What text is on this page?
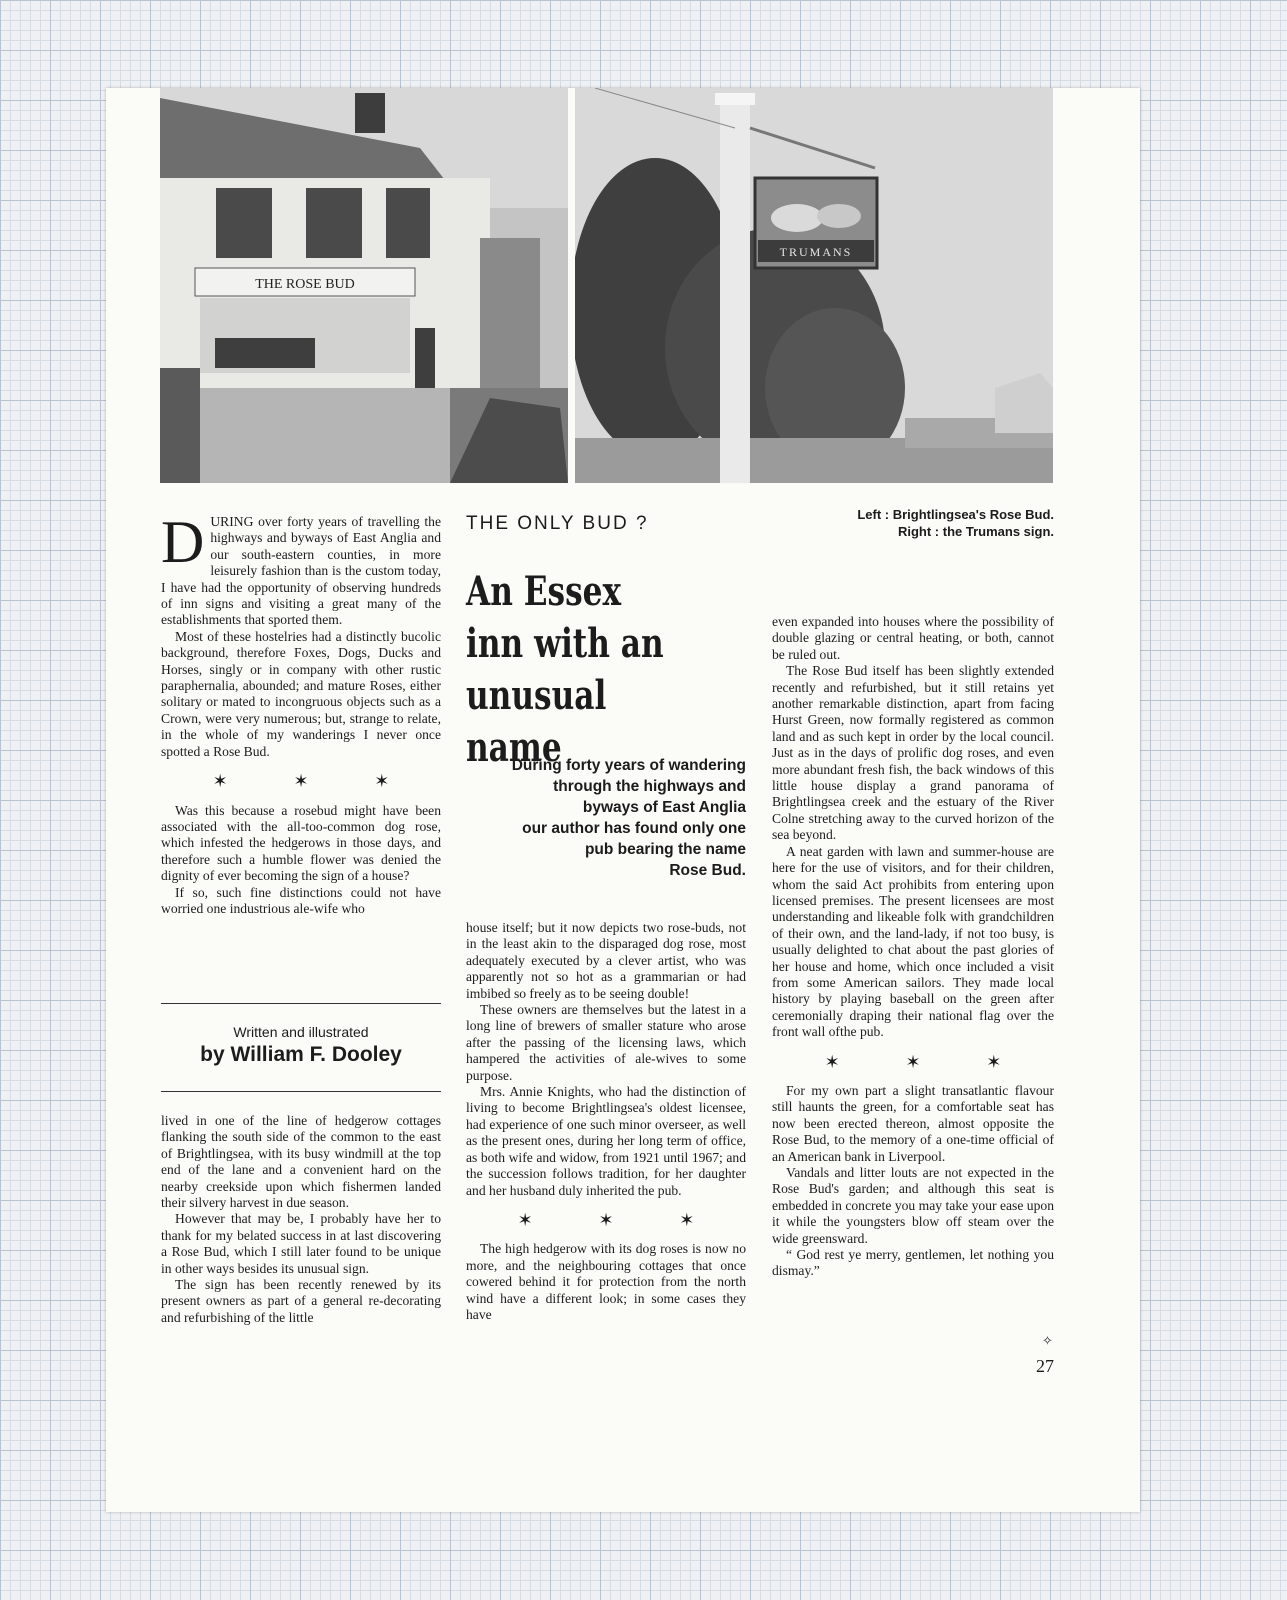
THE ROSE BUD
TRUMANS
Left : Brightlingsea's Rose Bud.
Right : the Trumans sign.

DURING over forty years of travelling the highways and byways of East Anglia and our south-eastern counties, in more leisurely fashion than is the custom today, I have had the opportunity of observing hundreds of inn signs and visiting a great many of the establishments that sported them.

Most of these hostelries had a distinctly bucolic background, therefore Foxes, Dogs, Ducks and Horses, singly or in company with other rustic paraphernalia, abounded; and mature Roses, either solitary or mated to incongruous objects such as a Crown, were very numerous; but, strange to relate, in the whole of my wanderings I never once spotted a Rose Bud.

✶ ✶ ✶

Was this because a rosebud might have been associated with the all-too-common dog rose, which infested the hedgerows in those days, and therefore such a humble flower was denied the dignity of ever becoming the sign of a house?

If so, such fine distinctions could not have worried one industrious ale-wife who

Written and illustrated
by William F. Dooley

lived in one of the line of hedgerow cottages flanking the south side of the common to the east of Brightlingsea, with its busy windmill at the top end of the lane and a convenient hard on the nearby creekside upon which fishermen landed their silvery harvest in due season.

However that may be, I probably have her to thank for my belated success in at last discovering a Rose Bud, which I still later found to be unique in other ways besides its unusual sign.

The sign has been recently renewed by its present owners as part of a general re-decorating and refurbishing of the little

THE ONLY BUD ?
An Essex
inn with an
unusual name
During forty years of wandering
through the highways and
byways of East Anglia
our author has found only one
pub bearing the name
Rose Bud.

house itself; but it now depicts two rose-buds, not in the least akin to the disparaged dog rose, most adequately executed by a clever artist, who was apparently not so hot as a grammarian or had imbibed so freely as to be seeing double!

These owners are themselves but the latest in a long line of brewers of smaller stature who arose after the passing of the licensing laws, which hampered the activities of ale-wives to some purpose.

Mrs. Annie Knights, who had the distinction of living to become Brightlingsea's oldest licensee, had experience of one such minor overseer, as well as the present ones, during her long term of office, as both wife and widow, from 1921 until 1967; and the succession follows tradition, for her daughter and her husband duly inherited the pub.

✶ ✶ ✶

The high hedgerow with its dog roses is now no more, and the neighbouring cottages that once cowered behind it for protection from the north wind have a different look; in some cases they have

even expanded into houses where the possibility of double glazing or central heating, or both, cannot be ruled out.

The Rose Bud itself has been slightly extended recently and refurbished, but it still retains yet another remarkable distinction, apart from facing Hurst Green, now formally registered as common land and as such kept in order by the local council. Just as in the days of prolific dog roses, and even more abundant fresh fish, the back windows of this little house display a grand panorama of Brightlingsea creek and the estuary of the River Colne stretching away to the curved horizon of the sea beyond.

A neat garden with lawn and summer-house are here for the use of visitors, and for their children, whom the said Act prohibits from entering upon licensed premises. The present licensees are most understanding and likeable folk with grandchildren of their own, and the land-lady, if not too busy, is usually delighted to chat about the past glories of her house and home, which once included a visit from some American sailors. They made local history by playing baseball on the green after ceremonially draping their national flag over the front wall ofthe pub.

✶ ✶ ✶

For my own part a slight transatlantic flavour still haunts the green, for a comfortable seat has now been erected thereon, almost opposite the Rose Bud, to the memory of a one-time official of an American bank in Liverpool.

Vandals and litter louts are not expected in the Rose Bud's garden; and although this seat is embedded in concrete you may take your ease upon it while the youngsters blow off steam over the wide greensward.

“ God rest ye merry, gentlemen, let nothing you dismay.”

✧
27
